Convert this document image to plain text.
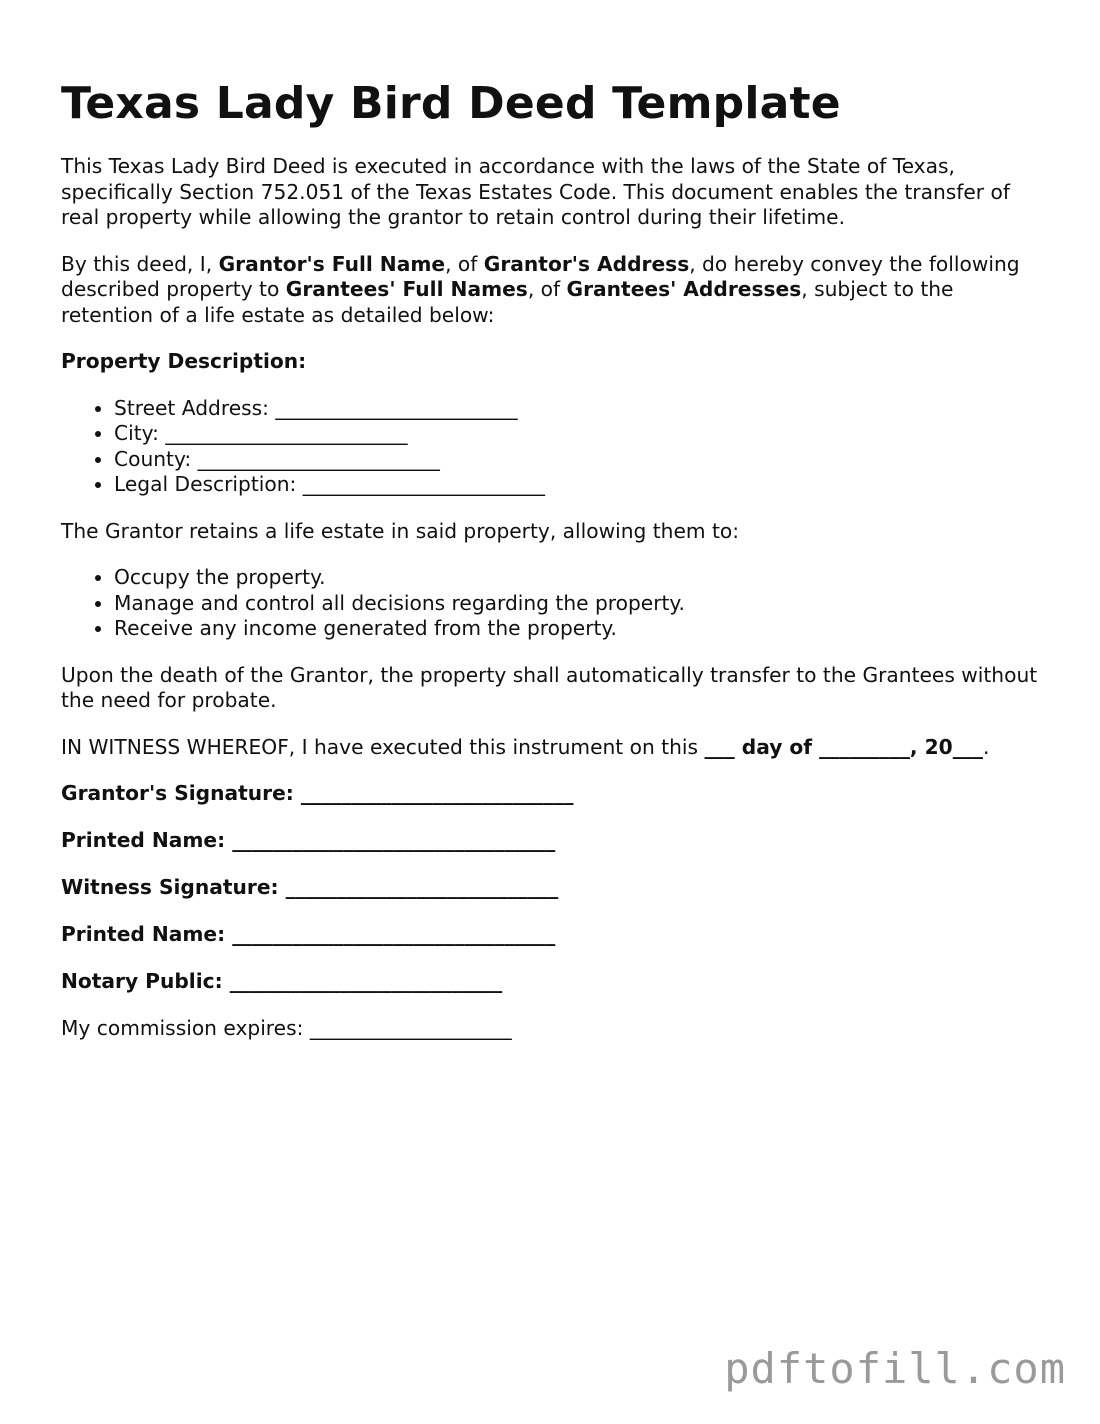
Texas Lady Bird Deed Template

This Texas Lady Bird Deed is executed in accordance with the laws of the State of Texas, specifically Section 752.051 of the Texas Estates Code. This document enables the transfer of real property while allowing the grantor to retain control during their lifetime.

By this deed, I, Grantor's Full Name, of Grantor's Address, do hereby convey the following described property to Grantees' Full Names, of Grantees' Addresses, subject to the retention of a life estate as detailed below:

Property Description:

• Street Address: ________________________
• City: ________________________
• County: ________________________
• Legal Description: ________________________

The Grantor retains a life estate in said property, allowing them to:

• Occupy the property.
• Manage and control all decisions regarding the property.
• Receive any income generated from the property.

Upon the death of the Grantor, the property shall automatically transfer to the Grantees without the need for probate.

IN WITNESS WHEREOF, I have executed this instrument on this ___ day of _________, 20___.

Grantor's Signature: ___________________________

Printed Name: ________________________________

Witness Signature: ___________________________

Printed Name: ________________________________

Notary Public: ___________________________

My commission expires: ____________________

pdftofill.com
